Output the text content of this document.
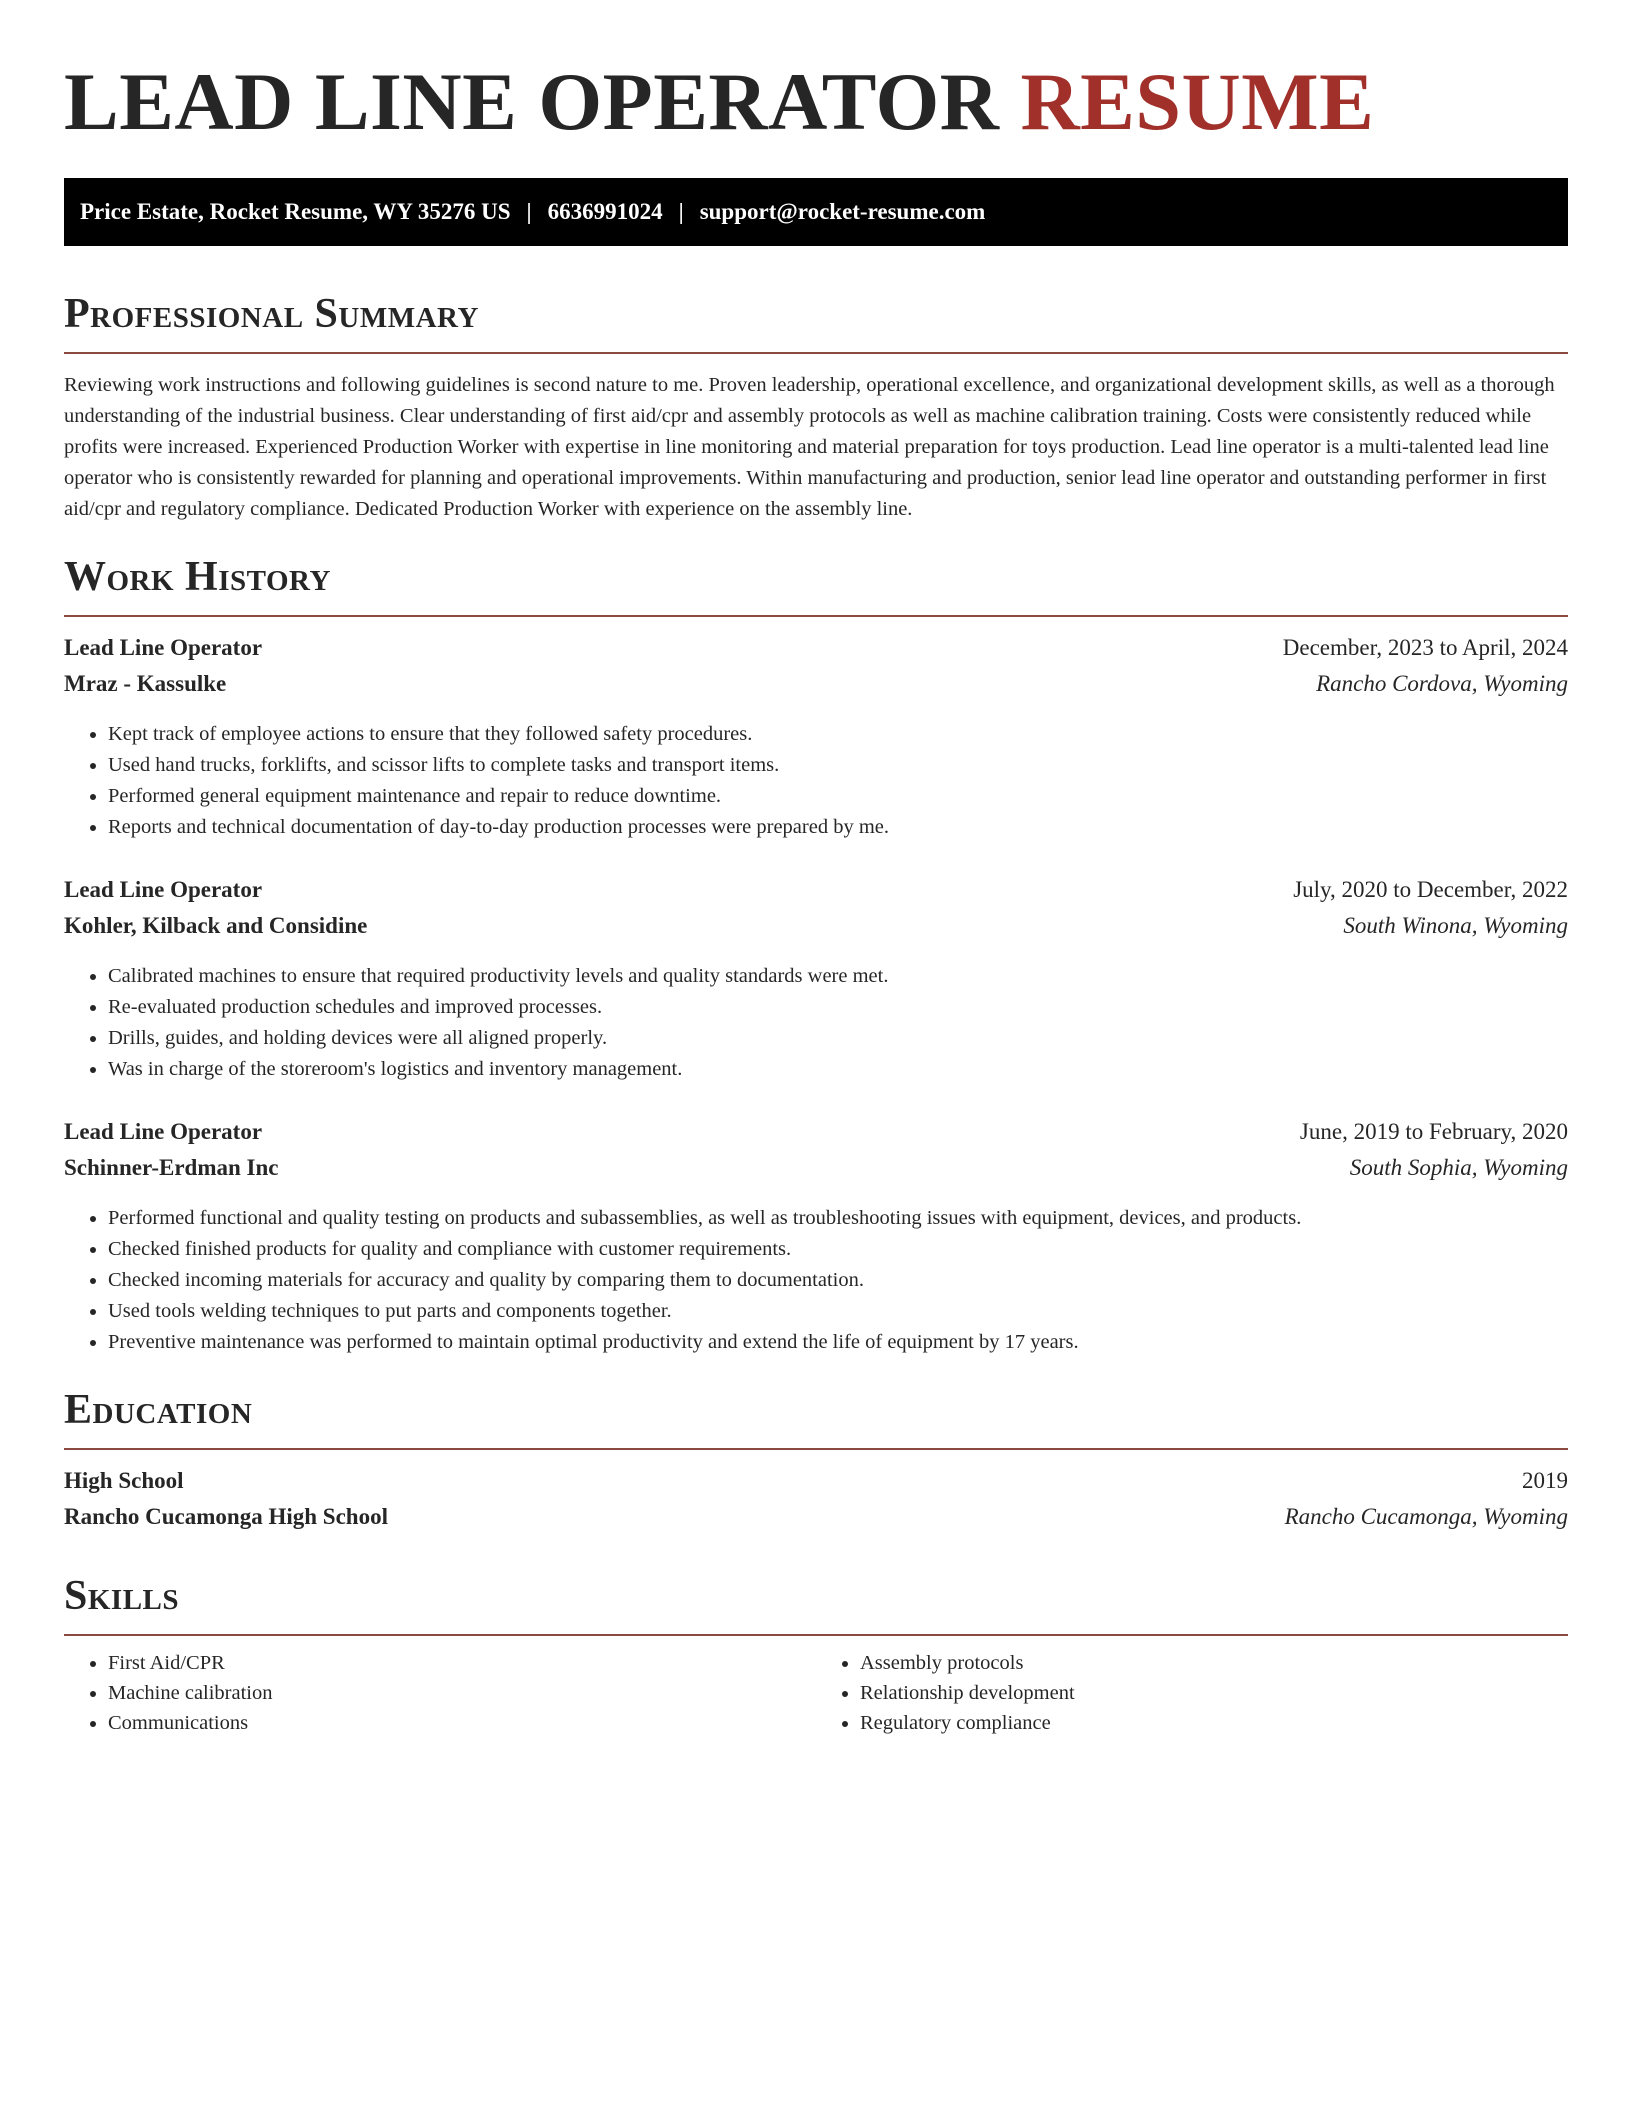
LEAD LINE OPERATOR RESUME
Price Estate, Rocket Resume, WY 35276 US | 6636991024 | support@rocket-resume.com
Professional Summary

Reviewing work instructions and following guidelines is second nature to me. Proven leadership, operational excellence, and organizational development skills, as well as a thorough understanding of the industrial business. Clear understanding of first aid/cpr and assembly protocols as well as machine calibration training. Costs were consistently reduced while profits were increased. Experienced Production Worker with expertise in line monitoring and material preparation for toys production. Lead line operator is a multi-talented lead line operator who is consistently rewarded for planning and operational improvements. Within manufacturing and production, senior lead line operator and outstanding performer in first aid/cpr and regulatory compliance. Dedicated Production Worker with experience on the assembly line.

Work History
Lead Line Operator	December, 2023 to April, 2024
Mraz - Kassulke	Rancho Cordova, Wyoming
• Kept track of employee actions to ensure that they followed safety procedures.
• Used hand trucks, forklifts, and scissor lifts to complete tasks and transport items.
• Performed general equipment maintenance and repair to reduce downtime.
• Reports and technical documentation of day-to-day production processes were prepared by me.
Lead Line Operator	July, 2020 to December, 2022
Kohler, Kilback and Considine	South Winona, Wyoming
• Calibrated machines to ensure that required productivity levels and quality standards were met.
• Re-evaluated production schedules and improved processes.
• Drills, guides, and holding devices were all aligned properly.
• Was in charge of the storeroom's logistics and inventory management.
Lead Line Operator	June, 2019 to February, 2020
Schinner-Erdman Inc	South Sophia, Wyoming
• Performed functional and quality testing on products and subassemblies, as well as troubleshooting issues with equipment, devices, and products.
• Checked finished products for quality and compliance with customer requirements.
• Checked incoming materials for accuracy and quality by comparing them to documentation.
• Used tools welding techniques to put parts and components together.
• Preventive maintenance was performed to maintain optimal productivity and extend the life of equipment by 17 years.
Education
High School	2019
Rancho Cucamonga High School	Rancho Cucamonga, Wyoming
Skills
• First Aid/CPR
• Machine calibration
• Communications
• Assembly protocols
• Relationship development
• Regulatory compliance
